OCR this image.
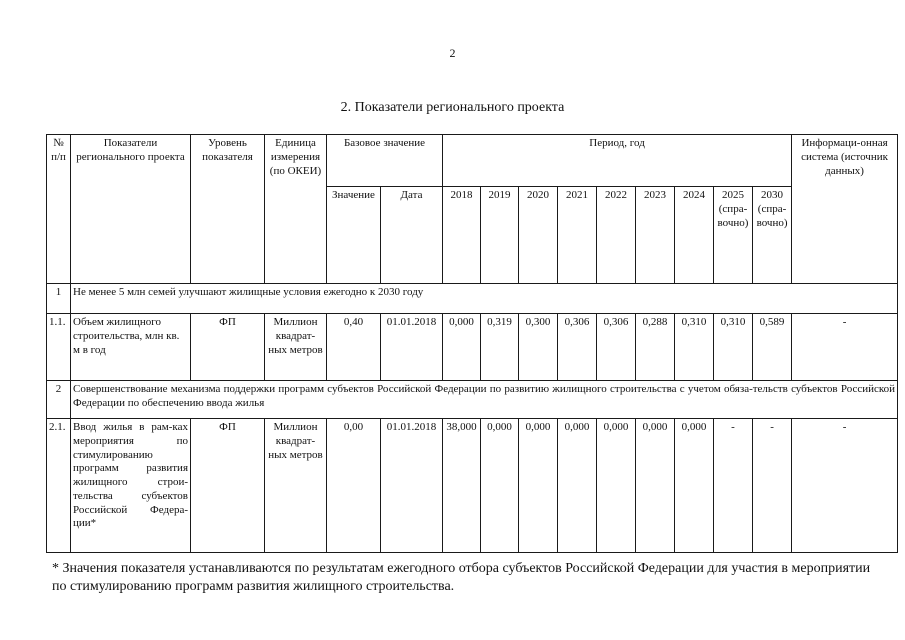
2
2. Показатели регионального проекта
№ п/п	Показатели регионального проекта	Уровень показателя	Единица измерения (по ОКЕИ)	Базовое значение		Период, год									Информаци-онная система (источник данных)
				Значение	Дата	2018	2019	2020	2021	2022	2023	2024	2025 (спра-вочно)	2030 (спра-вочно)	
1	Не менее 5 млн семей улучшают жилищные условия ежегодно к 2030 году														
1.1.	Объем жилищного строительства, млн кв. м в год	ФП	Миллион квадрат-ных метров	0,40	01.01.2018	0,000	0,319	0,300	0,306	0,306	0,288	0,310	0,310	0,589	-
2	Совершенствование механизма поддержки программ субъектов Российской Федерации по развитию жилищного строительства с учетом обяза-тельств субъектов Российской Федерации по обеспечению ввода жилья														
2.1.	Ввод жилья в рам-ках мероприятия по стимулированию программ развития жилищного строи-тельства субъектов Российской Федера-ции*	ФП	Миллион квадрат-ных метров	0,00	01.01.2018	38,000	0,000	0,000	0,000	0,000	0,000	0,000	-	-	-
* Значения показателя устанавливаются по результатам ежегодного отбора субъектов Российской Федерации для участия в мероприятии по стимулированию программ развития жилищного строительства.
